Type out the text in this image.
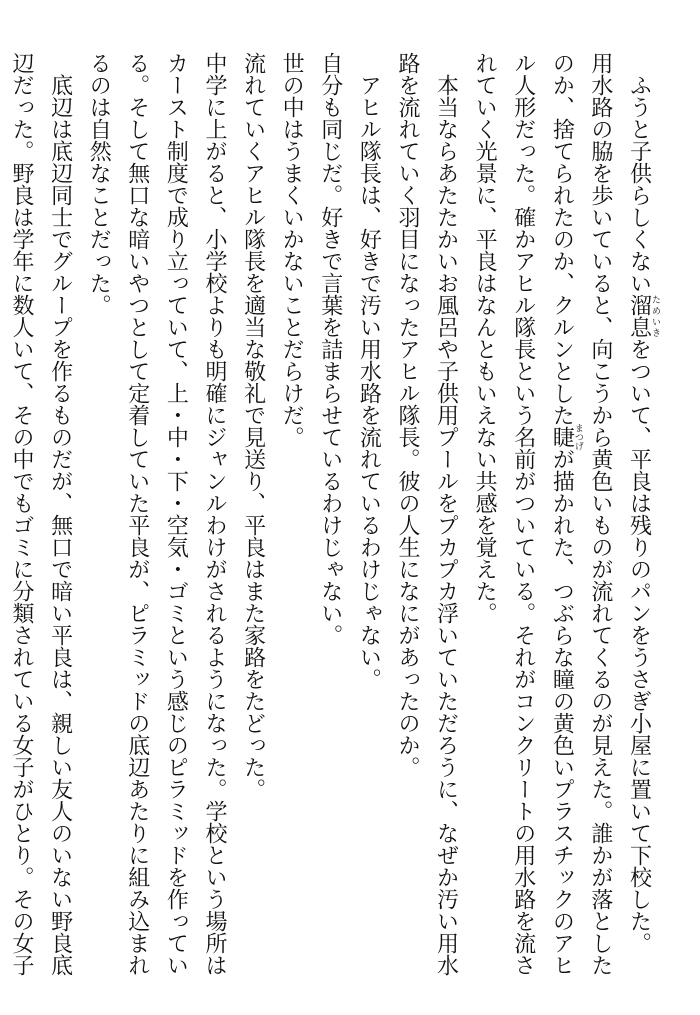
ふうと子供らしくない溜息ためいきをついて、平良は残りのパンをうさぎ小屋に置いて下校した。
用水路の脇を歩いていると、向こうから黄色いものが流れてくるのが見えた。誰かが落としたのか、捨てられたのか、クルンとした睫まつげが描かれた、つぶらな瞳の黄色いプラスチックのアヒル人形だった。確かアヒル隊長という名前がついている。それがコンクリートの用水路を流されていく光景に、平良はなんともいえない共感を覚えた。
本当ならあたたかいお風呂や子供用プールをプカプカ浮いていただろうに、なぜか汚い用水路を流れていく羽目になったアヒル隊長。彼の人生になにがあったのか。
アヒル隊長は、好きで汚い用水路を流れているわけじゃない。
自分も同じだ。好きで言葉を詰まらせているわけじゃない。
世の中はうまくいかないことだらけだ。
流れていくアヒル隊長を適当な敬礼で見送り、平良はまた家路をたどった。
中学に上がると、小学校よりも明確にジャンルわけがされるようになった。学校という場所はカースト制度で成り立っていて、上・中・下・空気・ゴミという感じのピラミッドを作っている。そして無口な暗いやつとして定着していた平良が、ピラミッドの底辺あたりに組み込まれるのは自然なことだった。
底辺は底辺同士でグループを作るものだが、無口で暗い平良は、親しい友人のいない野良底辺だった。野良は学年に数人いて、その中でもゴミに分類されている女子がひとり。その女子
